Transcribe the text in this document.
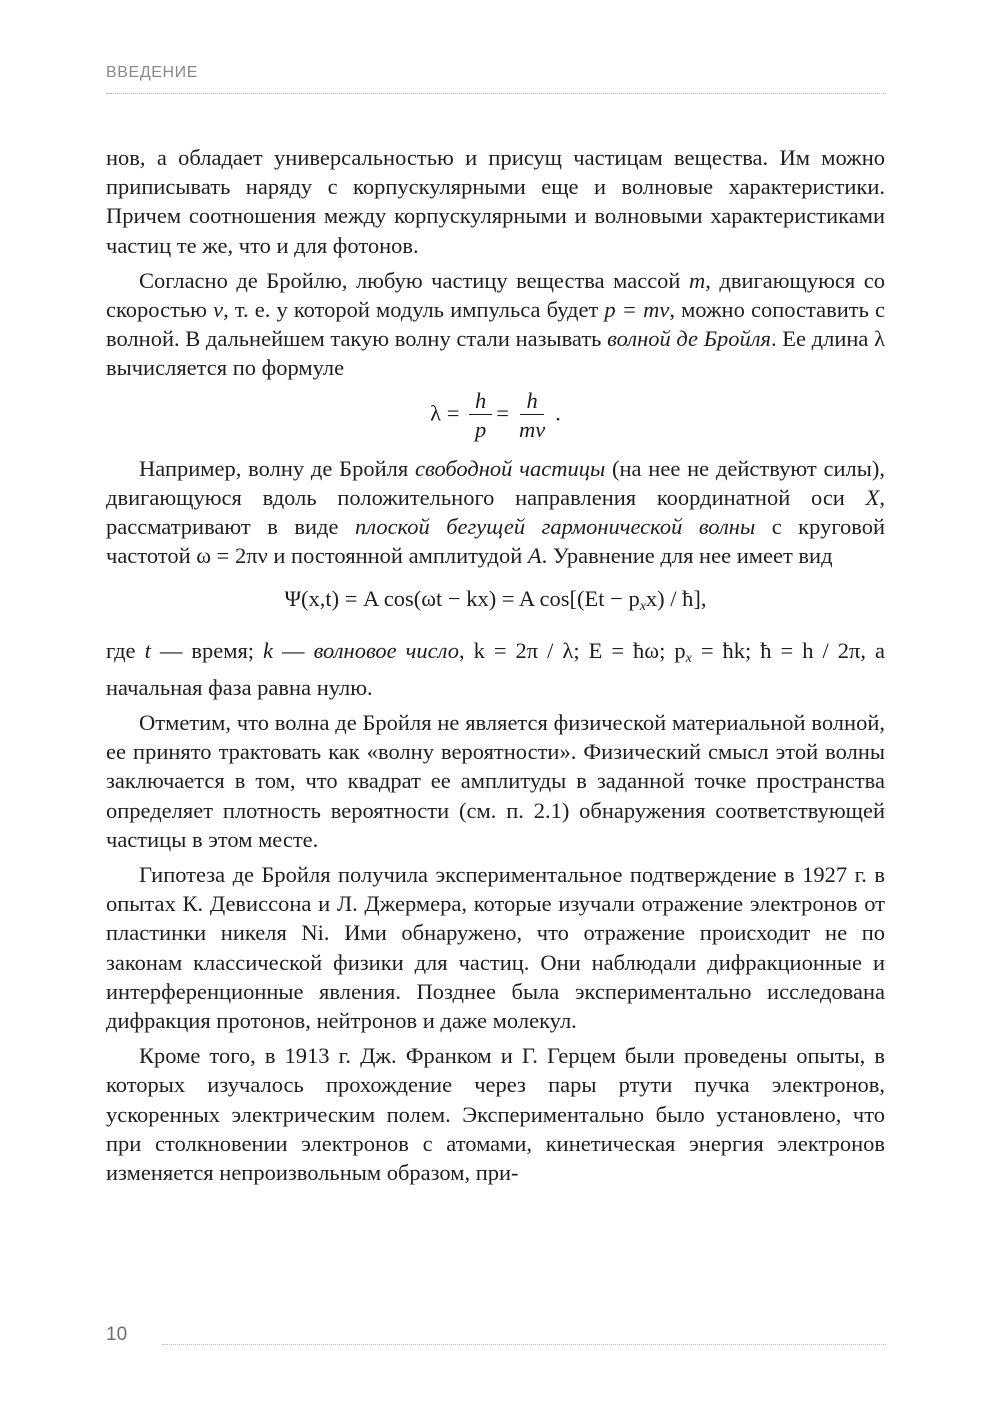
ВВЕДЕНИЕ

нов, а обладает универсальностью и присущ частицам вещества. Им можно приписывать наряду с корпускулярными еще и волновые характеристики. Причем соотношения между корпускулярными и волновыми характеристиками частиц те же, что и для фотонов.

Согласно де Бройлю, любую частицу вещества массой m, двигающуюся со скоростью v, т. е. у которой модуль импульса будет p = mv, можно сопоставить с волной. В дальнейшем такую волну стали называть волной де Бройля. Ее длина λ вычисляется по формуле

$\lambda = \frac{h}{p} = \frac{h}{mv}$ .

Например, волну де Бройля свободной частицы (на нее не действуют силы), двигающуюся вдоль положительного направления координатной оси X, рассматривают в виде плоской бегущей гармонической волны с круговой частотой ω = 2πν и постоянной амплитудой A. Уравнение для нее имеет вид

Ψ(x,t) = A cos(ωt − kx) = A $\cos[(Et - p_xx)$ / ħ],

где t — время; k — волновое число, k = 2π / λ; E = ħω; $p_x$ = ħk; ħ = h / 2π, а начальная фаза равна нулю.

Отметим, что волна де Бройля не является физической материальной волной, ее принято трактовать как «волну вероятности». Физический смысл этой волны заключается в том, что квадрат ее амплитуды в заданной точке пространства определяет плотность вероятности (см. п. 2.1) обнаружения соответствующей частицы в этом месте.

Гипотеза де Бройля получила экспериментальное подтверждение в 1927 г. в опытах К. Девиссона и Л. Джермера, которые изучали отражение электронов от пластинки никеля Ni. Ими обнаружено, что отражение происходит не по законам классической физики для частиц. Они наблюдали дифракционные и интерференционные явления. Позднее была экспериментально исследована дифракция протонов, нейтронов и даже молекул.

Кроме того, в 1913 г. Дж. Франком и Г. Герцем были проведены опыты, в которых изучалось прохождение через пары ртути пучка электронов, ускоренных электрическим полем. Экспериментально было установлено, что при столкновении электронов с атомами, кинетическая энергия электронов изменяется непроизвольным образом, при-

10
